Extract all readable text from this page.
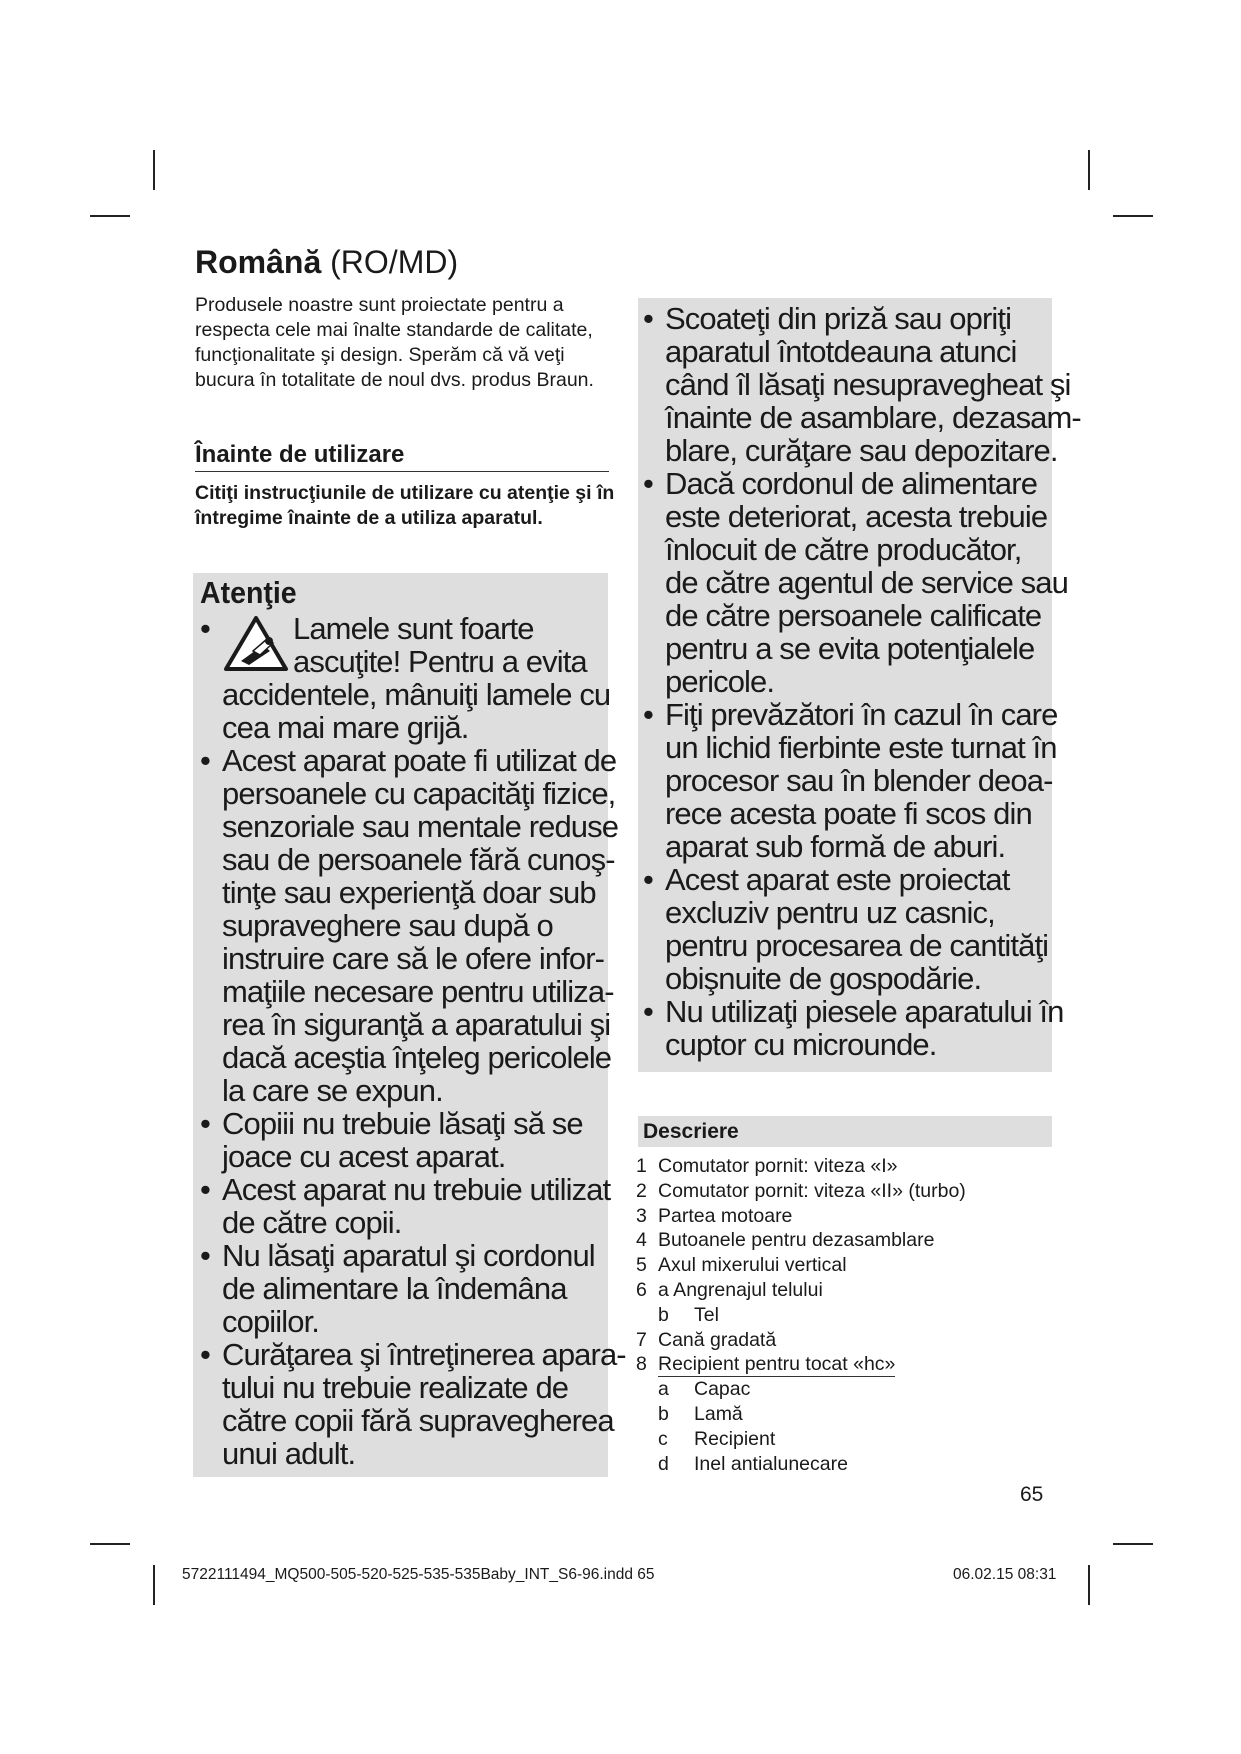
Română (RO/MD)
Produsele noastre sunt proiectate pentru a respecta cele mai înalte standarde de calitate, funcţionalitate şi design. Sperăm că vă veţi bucura în totalitate de noul dvs. produs Braun.
Înainte de utilizare
Citiţi instrucţiunile de utilizare cu atenţie şi în întregime înainte de a utiliza aparatul.
Atenţie
•	Lamele sunt foarte
ascuţite! Pentru a evita
accidentele, mânuiţi lamele cu
cea mai mare grijă.
• Acest aparat poate fi utilizat de
persoanele cu capacităţi fizice,
senzoriale sau mentale reduse
sau de persoanele fără cunoş-
tinţe sau experienţă doar sub
supraveghere sau după o
instruire care să le ofere infor-
maţiile necesare pentru utiliza-
rea în siguranţă a aparatului şi
dacă aceştia înţeleg pericolele
la care se expun.
• Copiii nu trebuie lăsaţi să se
joace cu acest aparat.
• Acest aparat nu trebuie utilizat
de către copii.
• Nu lăsaţi aparatul şi cordonul
de alimentare la îndemâna
copiilor.
• Curăţarea şi întreţinerea apara-
tului nu trebuie realizate de
către copii fără supravegherea
unui adult.
• Scoateţi din priză sau opriţi
aparatul întotdeauna atunci
când îl lăsaţi nesupravegheat şi
înainte de asamblare, dezasam-
blare, curăţare sau depozitare.
• Dacă cordonul de alimentare
este deteriorat, acesta trebuie
înlocuit de către producător,
de către agentul de service sau
de către persoanele calificate
pentru a se evita potenţialele
pericole.
• Fiţi prevăzători în cazul în care
un lichid fierbinte este turnat în
procesor sau în blender deoa-
rece acesta poate fi scos din
aparat sub formă de aburi.
• Acest aparat este proiectat
excluziv pentru uz casnic,
pentru procesarea de cantităţi
obişnuite de gospodărie.
• Nu utilizaţi piesele aparatului în
cuptor cu microunde.
Descriere
1 Comutator pornit: viteza «I»
2 Comutator pornit: viteza «II» (turbo)
3 Partea motoare
4 Butoanele pentru dezasamblare
5 Axul mixerului vertical
6 a Angrenajul telului
b Tel
7 Cană gradată
8 Recipient pentru tocat «hc»
a Capac
b Lamă
c Recipient
d Inel antialunecare
65
5722111494_MQ500-505-520-525-535-535Baby_INT_S6-96.indd 65	06.02.15 08:31
